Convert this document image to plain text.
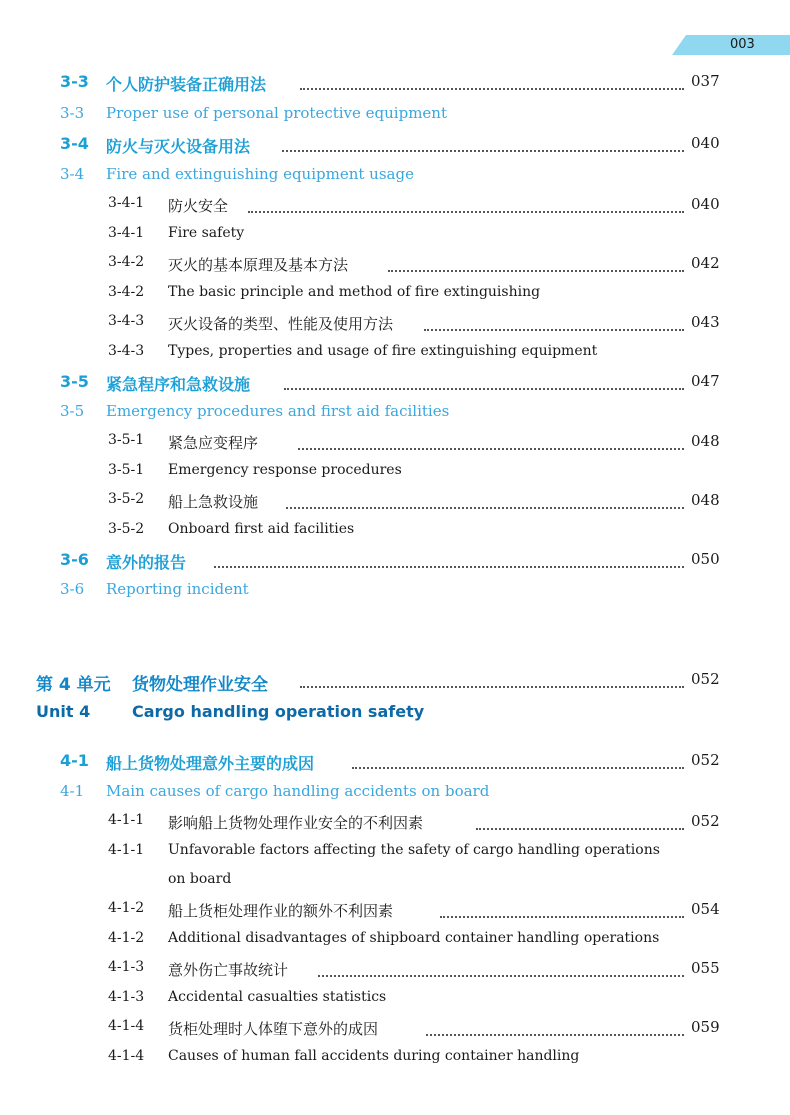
003
3-3 个人防护装备正确用法	037
3-3 Proper use of personal protective equipment
3-4 防火与灭火设备用法	040
3-4 Fire and extinguishing equipment usage
3-4-1 防火安全	040
3-4-1 Fire safety
3-4-2 灭火的基本原理及基本方法	042
3-4-2 The basic principle and method of fire extinguishing
3-4-3 灭火设备的类型、性能及使用方法	043
3-4-3 Types, properties and usage of fire extinguishing equipment
3-5 紧急程序和急救设施	047
3-5 Emergency procedures and first aid facilities
3-5-1 紧急应变程序	048
3-5-1 Emergency response procedures
3-5-2 船上急救设施	048
3-5-2 Onboard first aid facilities
3-6 意外的报告	050
3-6 Reporting incident
第 4 单元 货物处理作业安全	052
Unit 4	Cargo handling operation safety
4-1 船上货物处理意外主要的成因	052
4-1 Main causes of cargo handling accidents on board
4-1-1 影响船上货物处理作业安全的不利因素	052
4-1-1 Unfavorable factors affecting the safety of cargo handling operations on board
4-1-2 船上货柜处理作业的额外不利因素	054
4-1-2 Additional disadvantages of shipboard container handling operations
4-1-3 意外伤亡事故统计	055
4-1-3 Accidental casualties statistics
4-1-4 货柜处理时人体堕下意外的成因	059
4-1-4 Causes of human fall accidents during container handling
